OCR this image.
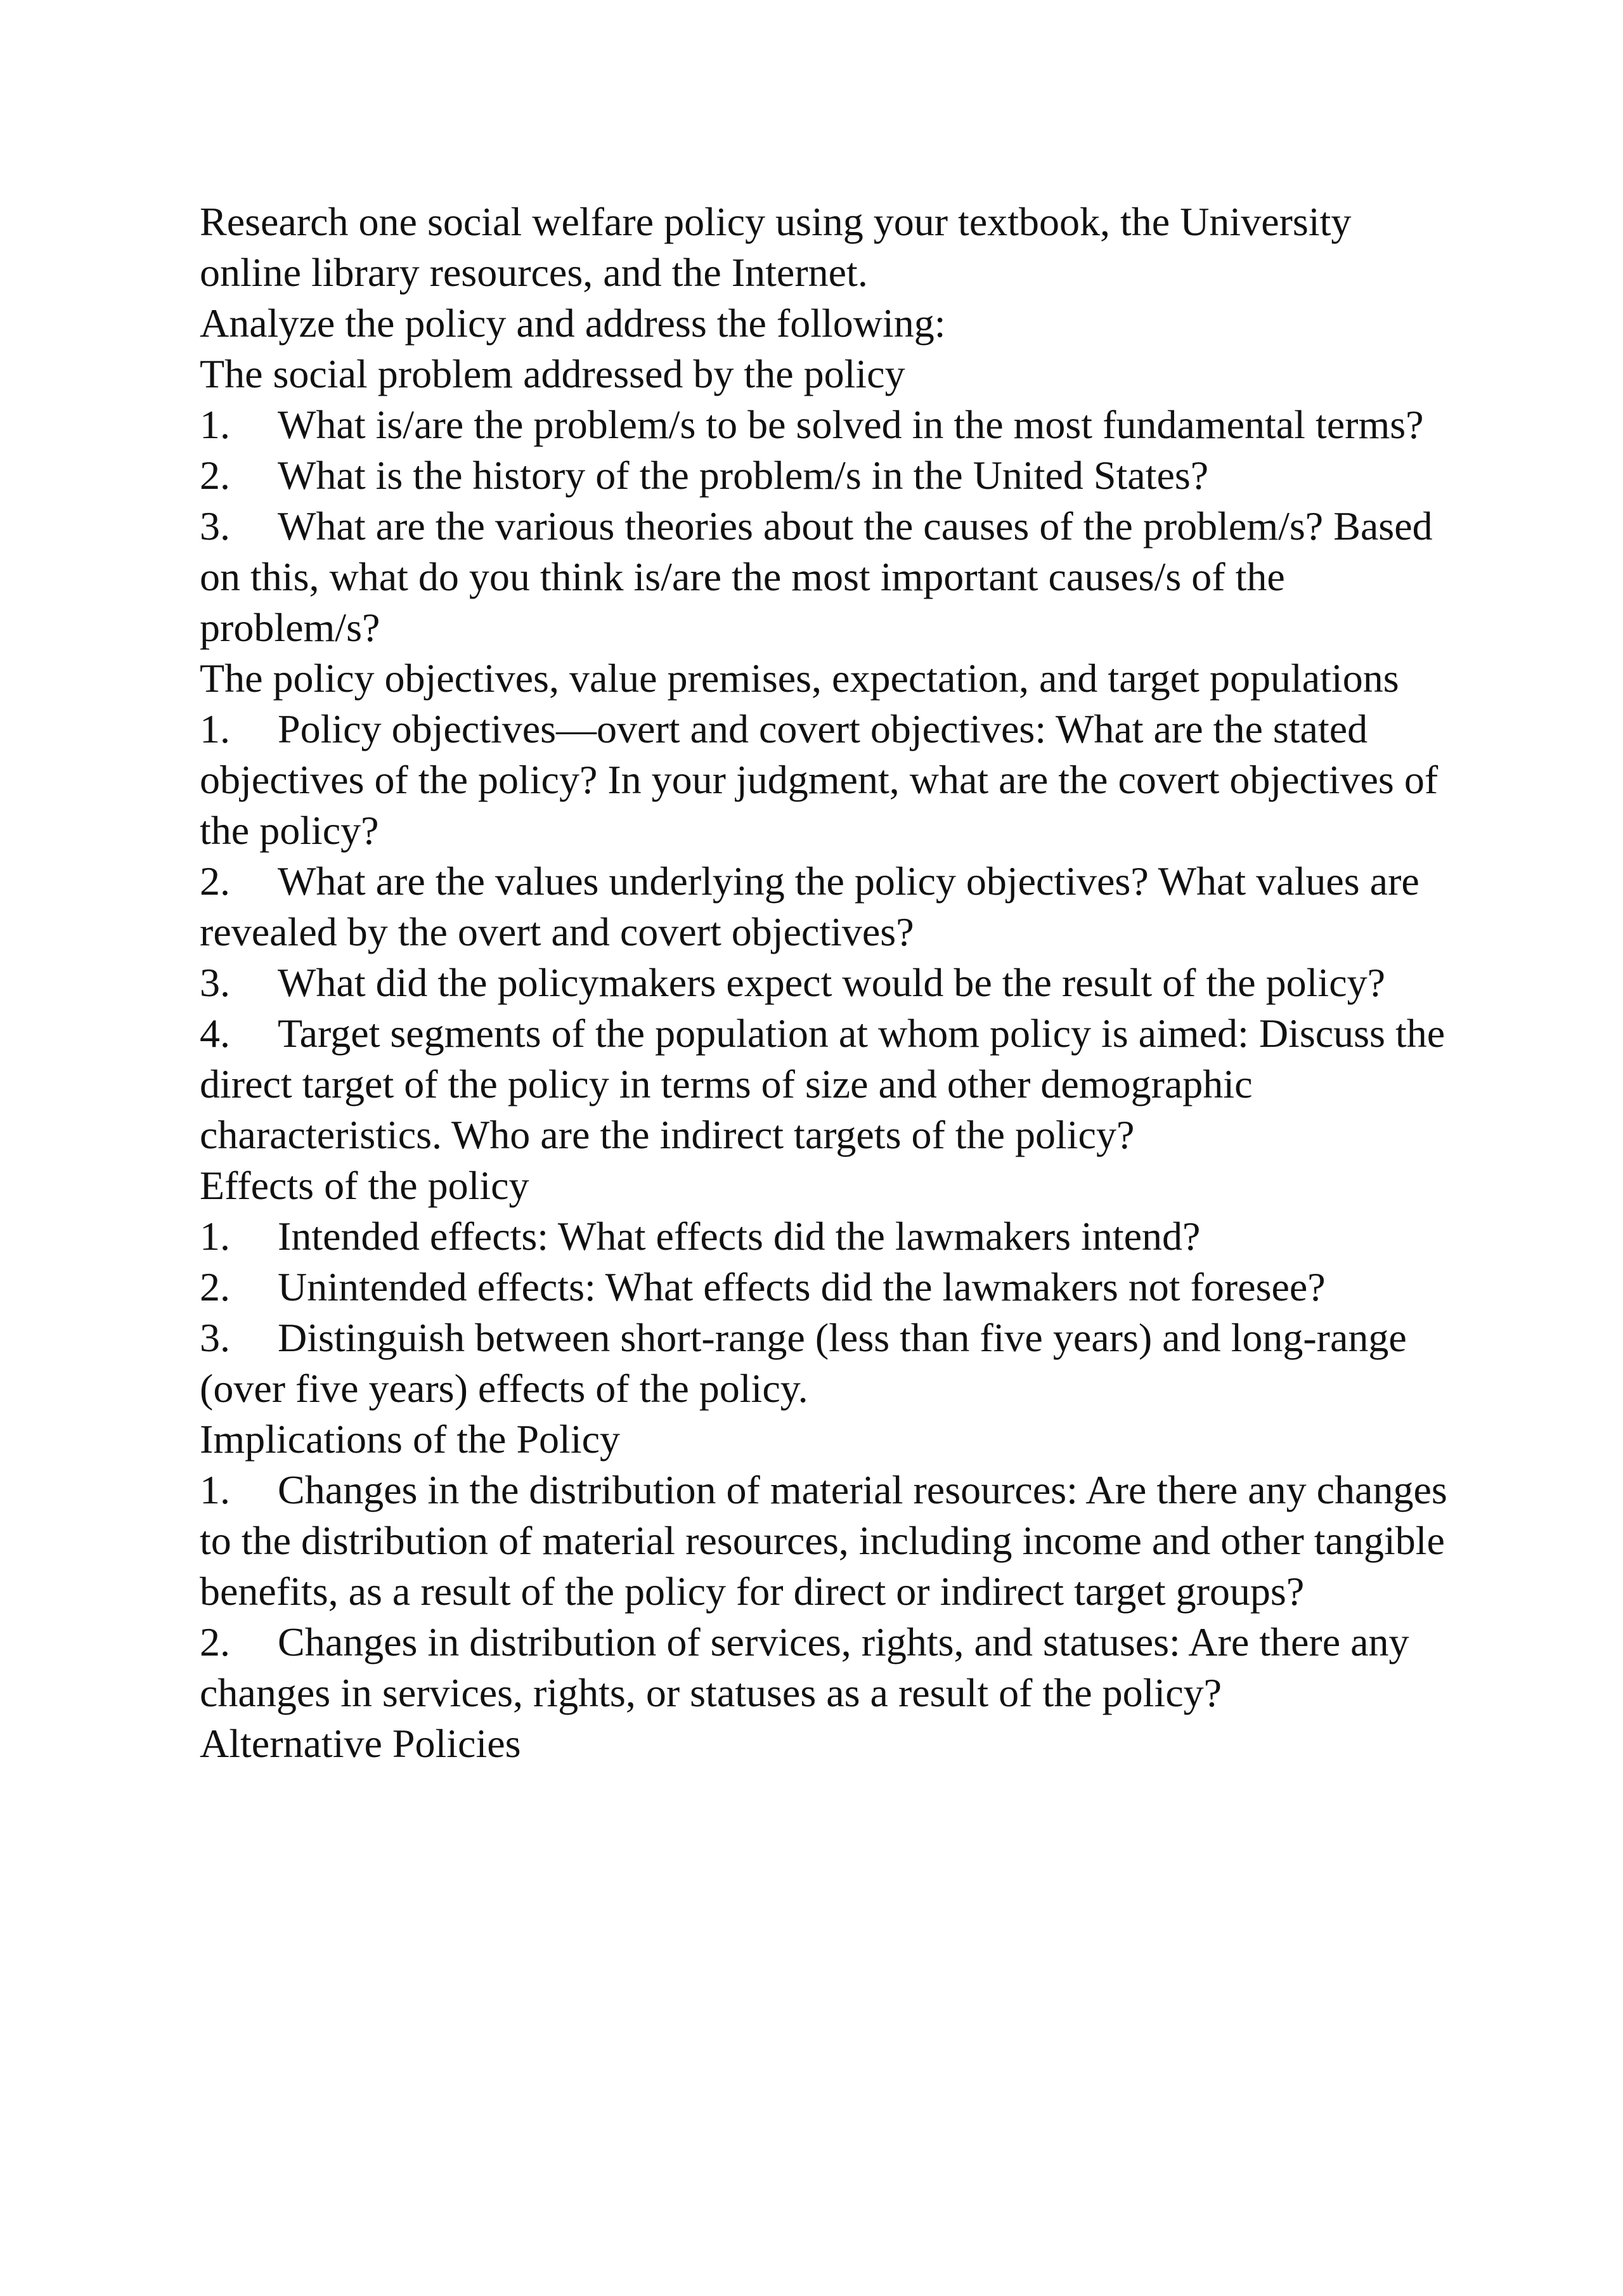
Research one social welfare policy using your textbook, the University online library resources, and the Internet.

Analyze the policy and address the following:

The social problem addressed by the policy

1. What is/are the problem/s to be solved in the most fundamental terms?

2. What is the history of the problem/s in the United States?

3. What are the various theories about the causes of the problem/s? Based on this, what do you think is/are the most important causes/s of the problem/s?

The policy objectives, value premises, expectation, and target populations

1. Policy objectives—overt and covert objectives: What are the stated objectives of the policy? In your judgment, what are the covert objectives of the policy?

2. What are the values underlying the policy objectives? What values are revealed by the overt and covert objectives?

3. What did the policymakers expect would be the result of the policy?

4. Target segments of the population at whom policy is aimed: Discuss the direct target of the policy in terms of size and other demographic characteristics. Who are the indirect targets of the policy?

Effects of the policy

1. Intended effects: What effects did the lawmakers intend?

2. Unintended effects: What effects did the lawmakers not foresee?

3. Distinguish between short-range (less than five years) and long-range (over five years) effects of the policy.

Implications of the Policy

1. Changes in the distribution of material resources: Are there any changes to the distribution of material resources, including income and other tangible benefits, as a result of the policy for direct or indirect target groups?

2. Changes in distribution of services, rights, and statuses: Are there any changes in services, rights, or statuses as a result of the policy?

Alternative Policies
